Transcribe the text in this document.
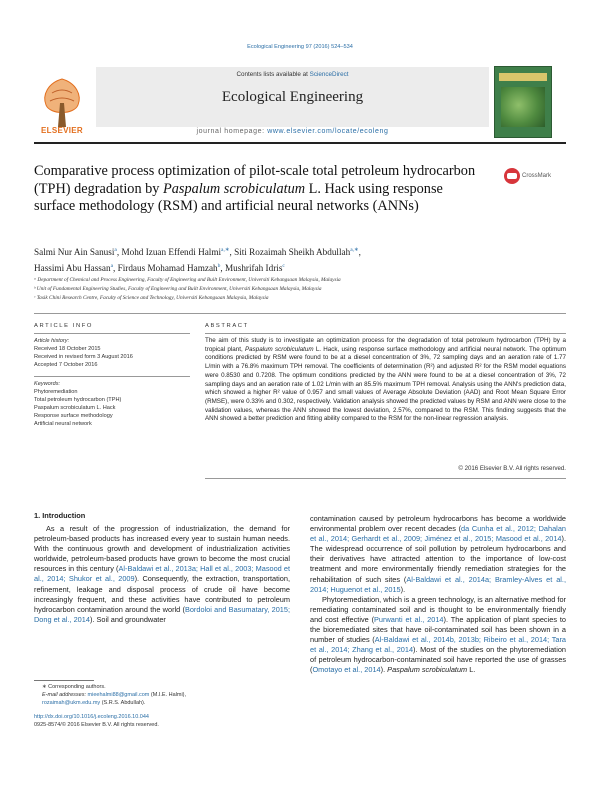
Ecological Engineering 97 (2016) 524–534
ELSEVIER
Contents lists available at ScienceDirect
Ecological Engineering
journal homepage: www.elsevier.com/locate/ecoleng
Comparative process optimization of pilot-scale total petroleum hydrocarbon (TPH) degradation by Paspalum scrobiculatum L. Hack using response surface methodology (RSM) and artificial neural networks (ANNs)
CrossMark
Salmi Nur Ain Sanusi$^a$, Mohd Izuan Effendi Halmi$^{a,∗}$, Siti Rozaimah Sheikh Abdullah$^{a,∗}$,
Hassimi Abu Hassan$^a$, Firdaus Mohamad Hamzah$^b$, Mushrifah Idris$^c$
ᵃ Department of Chemical and Process Engineering, Faculty of Engineering and Built Environment, Universiti Kebangsaan Malaysia, Malaysia
ᵇ Unit of Fundamental Engineering Studies, Faculty of Engineering and Built Environment, Universiti Kebangsaan Malaysia, Malaysia
ᶜ Tasik Chini Research Centre, Faculty of Science and Technology, Universiti Kebangsaan Malaysia, Malaysia
ARTICLE INFO
Article history:
Received 18 October 2015
Received in revised form 3 August 2016
Accepted 7 October 2016
Keywords:
Phytoremediation
Total petroleum hydrocarbon (TPH)
Paspalum scrobiculatum L. Hack
Response surface methodology
Artificial neural network
ABSTRACT
The aim of this study is to investigate an optimization process for the degradation of total petroleum hydrocarbon (TPH) by a tropical plant, Paspalum scrobiculatum L. Hack, using response surface methodology and artificial neural network. The optimum conditions predicted by RSM were found to be at a diesel concentration of 3%, 72 sampling days and an aeration rate of 1.77 L/min with a 76.8% maximum TPH removal. The coefficients of determination (R²) and adjusted R² for the RSM model equations were 0.8530 and 0.7208. The optimum conditions predicted by the ANN were found to be at a diesel concentration of 3%, 72 sampling days and an aeration rate of 1.02 L/min with an 85.5% maximum TPH removal. Analysis using the ANN's prediction data, which showed a higher R² value of 0.957 and small values of Average Absolute Deviation (AAD) and Root Mean Square Error (RMSE), were 0.33% and 0.302, respectively. Validation analysis showed the predicted values by RSM and ANN were close to the validation values, whereas the ANN showed the lowest deviation, 2.57%, compared to the RSM. This finding suggests that the ANN showed a better prediction and fitting ability compared to the RSM for the non-linear regression analysis.
© 2016 Elsevier B.V. All rights reserved.
1. Introduction
As a result of the progression of industrialization, the demand for petroleum-based products has increased every year to sustain human needs. With the continuous growth and development of industrialization activities worldwide, petroleum-based products have grown to become the most crucial resources in this century (Al-Baldawi et al., 2013a; Hall et al., 2003; Masood et al., 2014; Shukor et al., 2009). Consequently, the extraction, transportation, refinement, leakage and disposal process of crude oil have become increasingly frequent, and these activities have contributed to petroleum hydrocarbon contamination around the world (Bordoloi and Basumatary, 2015; Dong et al., 2014). Soil and groundwater
∗ Corresponding authors.
E-mail addresses: mieehalmi88@gmail.com (M.I.E. Halmi),
rozaimah@ukm.edu.my (S.R.S. Abdullah).
http://dx.doi.org/10.1016/j.ecoleng.2016.10.044
0925-8574/© 2016 Elsevier B.V. All rights reserved.
contamination caused by petroleum hydrocarbons has become a worldwide environmental problem over recent decades (da Cunha et al., 2012; Dahalan et al., 2014; Gerhardt et al., 2009; Jiménez et al., 2015; Masood et al., 2014). The widespread occurrence of soil pollution by petroleum hydrocarbons and their derivatives have attracted attention to the importance of low-cost treatment and more environmentally friendly remediation strategies for the rehabilitation of such sites (Al-Baldawi et al., 2014a; Bramley-Alves et al., 2014; Huguenot et al., 2015).
Phytoremediation, which is a green technology, is an alternative method for remediating contaminated soil and is thought to be environmentally friendly and cost effective (Purwanti et al., 2014). The application of plant species to the bioremediated sites that have oil-contaminated soil has been shown in a number of studies (Al-Baldawi et al., 2014b, 2013b; Ribeiro et al., 2014; Tara et al., 2014; Zhang et al., 2014). Most of the studies on the phytoremediation of petroleum hydrocarbon-contaminated soil have reported the use of grasses (Omotayo et al., 2014). Paspalum scrobiculatum L.
